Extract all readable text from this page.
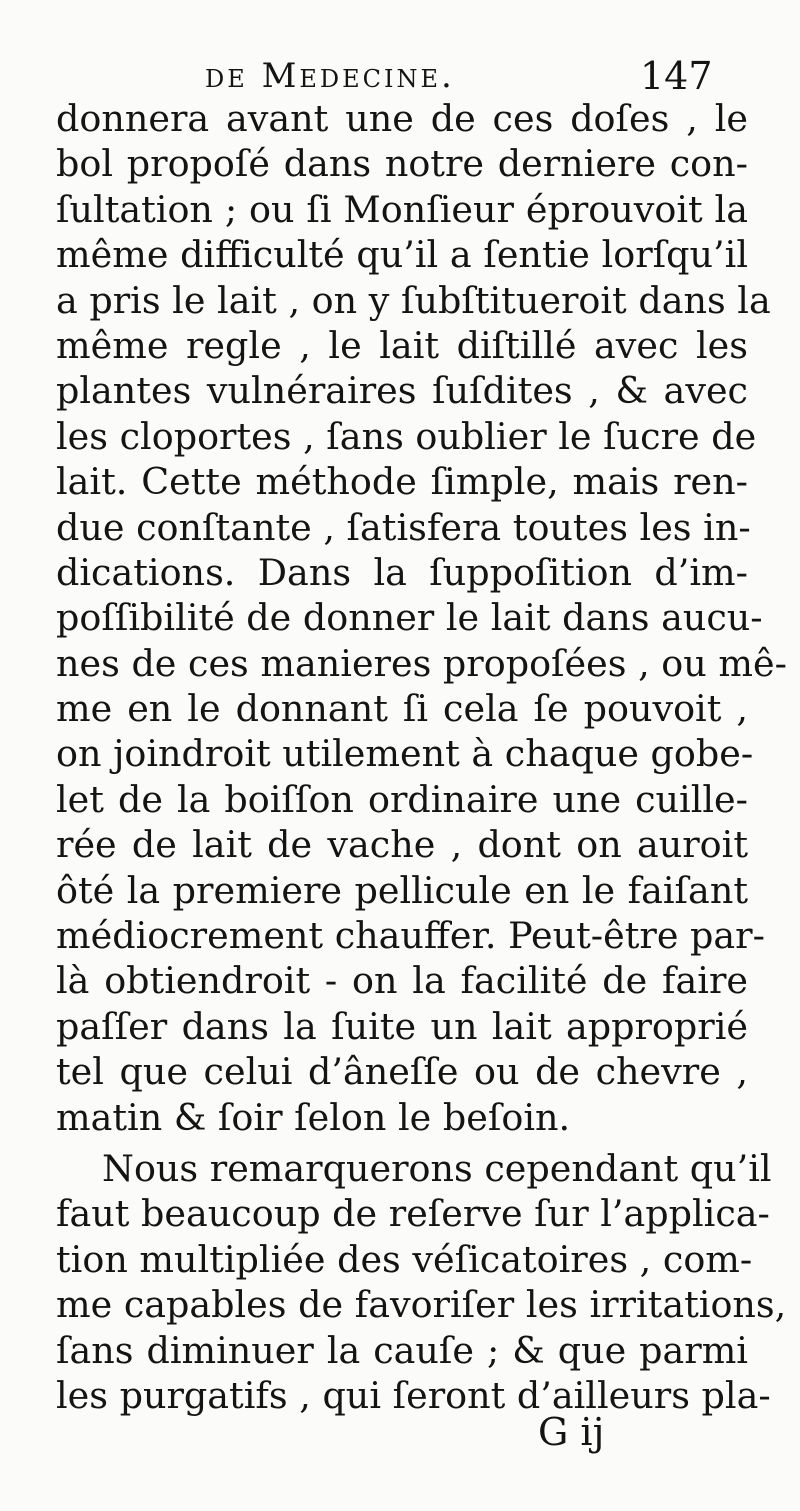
de Medecine.	147
donnera avant une de ces doſes , le
bol propoſé dans notre derniere con-
ſultation ; ou ſi Monſieur éprouvoit la
même difficulté qu’il a ſentie lorſqu’il
a pris le lait , on y ſubſtitueroit dans la
même regle , le lait diſtillé avec les
plantes vulnéraires ſuſdites , & avec
les cloportes , ſans oublier le ſucre de
lait. Cette méthode ſimple, mais ren-
due conſtante , ſatisfera toutes les in-
dications. Dans la ſuppoſition d’im-
poſſibilité de donner le lait dans aucu-
nes de ces manieres propoſées , ou mê-
me en le donnant ſi cela ſe pouvoit ,
on joindroit utilement à chaque gobe-
let de la boiſſon ordinaire une cuille-
rée de lait de vache , dont on auroit
ôté la premiere pellicule en le faiſant
médiocrement chauffer. Peut-être par-
là obtiendroit - on la facilité de faire
paſſer dans la ſuite un lait approprié
tel que celui d’âneſſe ou de chevre ,
matin & ſoir ſelon le beſoin.
Nous remarquerons cependant qu’il
faut beaucoup de reſerve ſur l’applica-
tion multipliée des véſicatoires , com-
me capables de favoriſer les irritations,
ſans diminuer la cauſe ; & que parmi
les purgatifs , qui ſeront d’ailleurs pla-
G ij
